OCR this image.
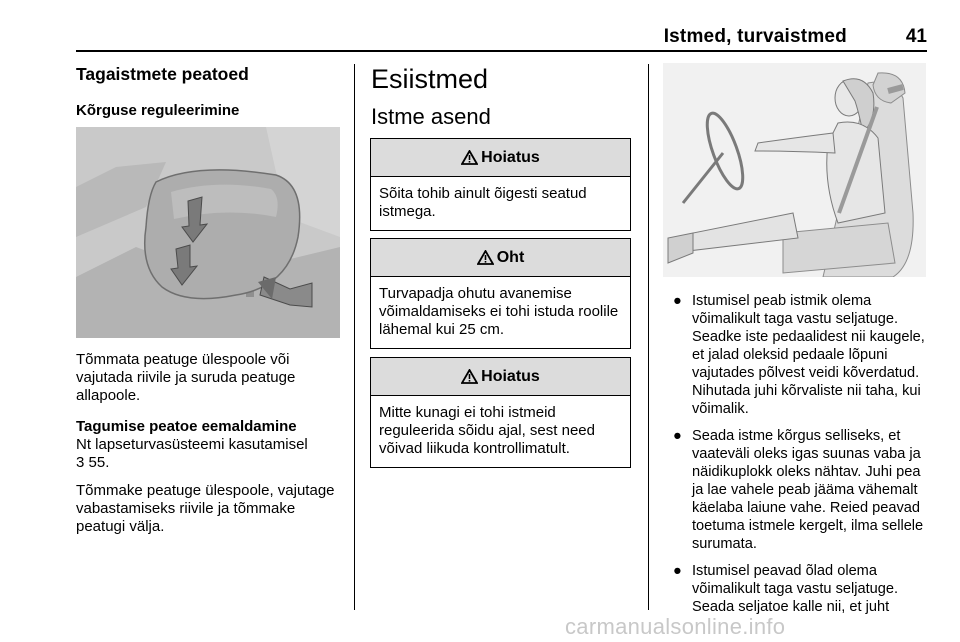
Istmed, turvaistmed	41
Tagaistmete peatoed
Kõrguse reguleerimine
Tõmmata peatuge ülespoole või vajutada riivile ja suruda peatuge allapoole.
Tagumise peatoe eemaldamine
Nt lapseturvasüsteemi kasutamisel
3 55.
Tõmmake peatuge ülespoole, vajutage vabastamiseks riivile ja tõmmake peatugi välja.
Esiistmed
Istme asend
Hoiatus
Sõita tohib ainult õigesti seatud istmega.
Oht
Turvapadja ohutu avanemise võimaldamiseks ei tohi istuda roolile lähemal kui 25 cm.
Hoiatus
Mitte kunagi ei tohi istmeid reguleerida sõidu ajal, sest need võivad liikuda kontrollimatult.
● Istumisel peab istmik olema võimalikult taga vastu seljatuge. Seadke iste pedaalidest nii kaugele, et jalad oleksid pedaale lõpuni vajutades põlvest veidi kõverdatud. Nihutada juhi kõrvaliste nii taha, kui võimalik.
● Seada istme kõrgus selliseks, et vaateväli oleks igas suunas vaba ja näidikuplokk oleks nähtav. Juhi pea ja lae vahele peab jääma vähemalt käelaba laiune vahe. Reied peavad toetuma istmele kergelt, ilma sellele surumata.
● Istumisel peavad õlad olema võimalikult taga vastu seljatuge. Seada seljatoe kalle nii, et juht
carmanualsonline.info
